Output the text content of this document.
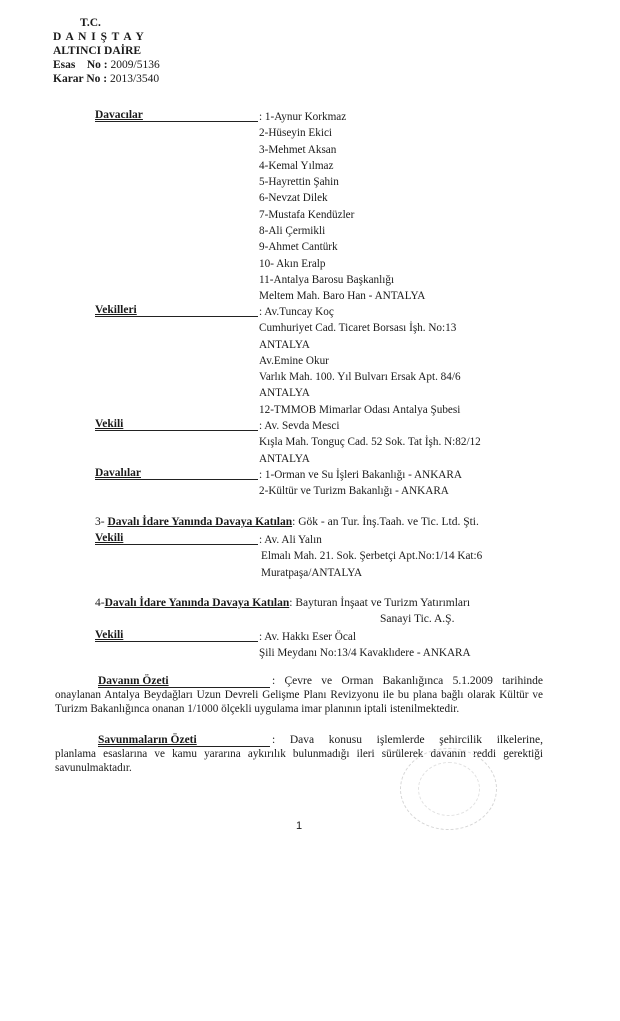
T.C.
D A N I Ş T A Y
ALTINCI DAİRE
Esas No : 2009/5136
Karar No : 2013/3540
Davacılar	: 1-Aynur Korkmaz
2-Hüseyin Ekici
3-Mehmet Aksan
4-Kemal Yılmaz
5-Hayrettin Şahin
6-Nevzat Dilek
7-Mustafa Kendüzler
8-Ali Çermikli
9-Ahmet Cantürk
10- Akın Eralp
11-Antalya Barosu Başkanlığı
Meltem Mah. Baro Han - ANTALYA
Vekilleri	: Av.Tuncay Koç
Cumhuriyet Cad. Ticaret Borsası İşh. No:13
ANTALYA
Av.Emine Okur
Varlık Mah. 100. Yıl Bulvarı Ersak Apt. 84/6
ANTALYA
12-TMMOB Mimarlar Odası Antalya Şubesi
Vekili	: Av. Sevda Mesci
Kışla Mah. Tonguç Cad. 52 Sok. Tat İşh. N:82/12
ANTALYA
Davalılar	: 1-Orman ve Su İşleri Bakanlığı - ANKARA
2-Kültür ve Turizm Bakanlığı - ANKARA
3- Davalı İdare Yanında Davaya Katılan: Gök - an Tur. İnş.Taah. ve Tic. Ltd. Şti.
Vekili	: Av. Ali Yalın
Elmalı Mah. 21. Sok. Şerbetçi Apt.No:1/14 Kat:6
Muratpaşa/ANTALYA
4-Davalı İdare Yanında Davaya Katılan: Bayturan İnşaat ve Turizm Yatırımları
Sanayi Tic. A.Ş.
Vekili	: Av. Hakkı Eser Öcal
Şili Meydanı No:13/4 Kavaklıdere - ANKARA
Davanın Özeti	: Çevre ve Orman Bakanlığınca 5.1.2009 tarihinde
onaylanan Antalya Beydağları Uzun Devreli Gelişme Planı Revizyonu ile bu plana bağlı olarak Kültür ve Turizm Bakanlığınca onanan 1/1000 ölçekli uygulama imar planının iptali istenilmektedir.
Savunmaların Özeti	: Dava konusu işlemlerde şehircilik ilkelerine,
planlama esaslarına ve kamu yararına aykırılık bulunmadığı ileri sürülerek davanın reddi gerektiği savunulmaktadır.
1
